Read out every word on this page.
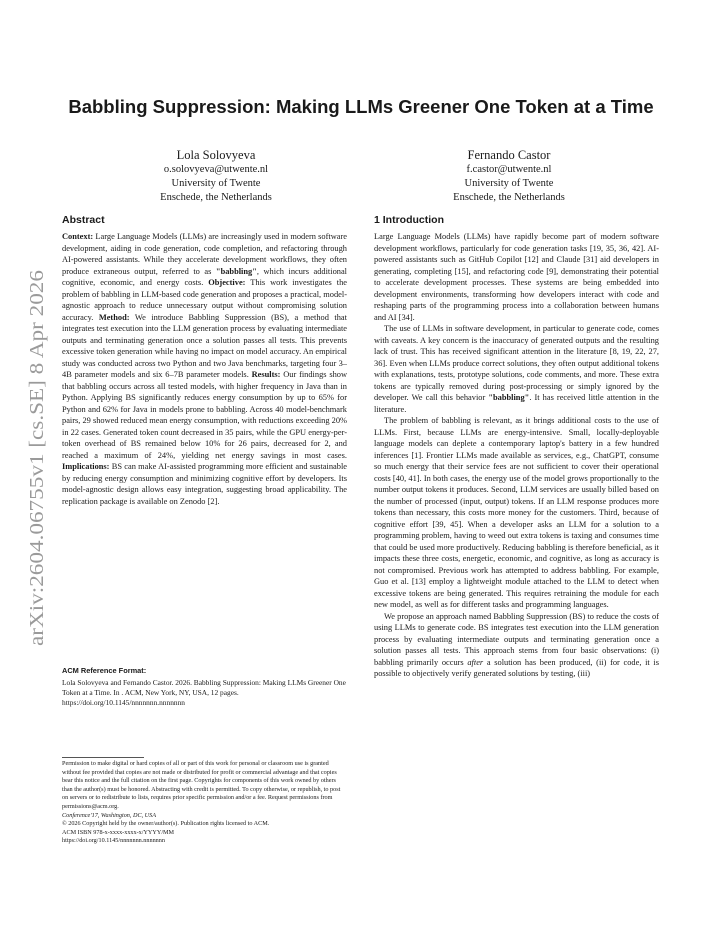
arXiv:2604.06755v1 [cs.SE] 8 Apr 2026
Babbling Suppression: Making LLMs Greener One Token at a Time
Lola Solovyeva
o.solovyeva@utwente.nl
University of Twente
Enschede, the Netherlands
Fernando Castor
f.castor@utwente.nl
University of Twente
Enschede, the Netherlands
Abstract

Context: Large Language Models (LLMs) are increasingly used in modern software development, aiding in code generation, code completion, and refactoring through AI-powered assistants. While they accelerate development workflows, they often produce extraneous output, referred to as "babbling", which incurs additional cognitive, economic, and energy costs. Objective: This work investigates the problem of babbling in LLM-based code generation and proposes a practical, model-agnostic approach to reduce unnecessary output without compromising solution accuracy. Method: We introduce Babbling Suppression (BS), a method that integrates test execution into the LLM generation process by evaluating intermediate outputs and terminating generation once a solution passes all tests. This prevents excessive token generation while having no impact on model accuracy. An empirical study was conducted across two Python and two Java benchmarks, targeting four 3–4B parameter models and six 6–7B parameter models. Results: Our findings show that babbling occurs across all tested models, with higher frequency in Java than in Python. Applying BS significantly reduces energy consumption by up to 65% for Python and 62% for Java in models prone to babbling. Across 40 model-benchmark pairs, 29 showed reduced mean energy consumption, with reductions exceeding 20% in 22 cases. Generated token count decreased in 35 pairs, while the GPU energy-per-token overhead of BS remained below 10% for 26 pairs, decreased for 2, and reached a maximum of 24%, yielding net energy savings in most cases. Implications: BS can make AI-assisted programming more efficient and sustainable by reducing energy consumption and minimizing cognitive effort by developers. Its model-agnostic design allows easy integration, suggesting broad applicability. The replication package is available on Zenodo [2].

ACM Reference Format:

Lola Solovyeva and Fernando Castor. 2026. Babbling Suppression: Making LLMs Greener One Token at a Time. In . ACM, New York, NY, USA, 12 pages. https://doi.org/10.1145/nnnnnnn.nnnnnnn

Permission to make digital or hard copies of all or part of this work for personal or classroom use is granted without fee provided that copies are not made or distributed for profit or commercial advantage and that copies bear this notice and the full citation on the first page. Copyrights for components of this work owned by others than the author(s) must be honored. Abstracting with credit is permitted. To copy otherwise, or republish, to post on servers or to redistribute to lists, requires prior specific permission and/or a fee. Request permissions from permissions@acm.org.

Conference'17, Washington, DC, USA

© 2026 Copyright held by the owner/author(s). Publication rights licensed to ACM.

ACM ISBN 978-x-xxxx-xxxx-x/YYYY/MM

https://doi.org/10.1145/nnnnnnn.nnnnnnn

1 Introduction

Large Language Models (LLMs) have rapidly become part of modern software development workflows, particularly for code generation tasks [19, 35, 36, 42]. AI-powered assistants such as GitHub Copilot [12] and Claude [31] aid developers in generating, completing [15], and refactoring code [9], demonstrating their potential to accelerate development processes. These systems are being embedded into development environments, transforming how developers interact with code and reshaping parts of the programming process into a collaboration between humans and AI [34].

The use of LLMs in software development, in particular to generate code, comes with caveats. A key concern is the inaccuracy of generated outputs and the resulting lack of trust. This has received significant attention in the literature [8, 19, 22, 27, 36]. Even when LLMs produce correct solutions, they often output additional tokens with explanations, tests, prototype solutions, code comments, and more. These extra tokens are typically removed during post-processing or simply ignored by the developer. We call this behavior "babbling". It has received little attention in the literature.

The problem of babbling is relevant, as it brings additional costs to the use of LLMs. First, because LLMs are energy-intensive. Small, locally-deployable language models can deplete a contemporary laptop's battery in a few hundred inferences [1]. Frontier LLMs made available as services, e.g., ChatGPT, consume so much energy that their service fees are not sufficient to cover their operational costs [40, 41]. In both cases, the energy use of the model grows proportionally to the number output tokens it produces. Second, LLM services are usually billed based on the number of processed (input, output) tokens. If an LLM response produces more tokens than necessary, this costs more money for the customers. Third, because of cognitive effort [39, 45]. When a developer asks an LLM for a solution to a programming problem, having to weed out extra tokens is taxing and consumes time that could be used more productively. Reducing babbling is therefore beneficial, as it impacts these three costs, energetic, economic, and cognitive, as long as accuracy is not compromised. Previous work has attempted to address babbling. For example, Guo et al. [13] employ a lightweight module attached to the LLM to detect when excessive tokens are being generated. This requires retraining the module for each new model, as well as for different tasks and programming languages.

We propose an approach named Babbling Suppression (BS) to reduce the costs of using LLMs to generate code. BS integrates test execution into the LLM generation process by evaluating intermediate outputs and terminating generation once a solution passes all tests. This approach stems from four basic observations: (i) babbling primarily occurs after a solution has been produced, (ii) for code, it is possible to objectively verify generated solutions by testing, (iii)
